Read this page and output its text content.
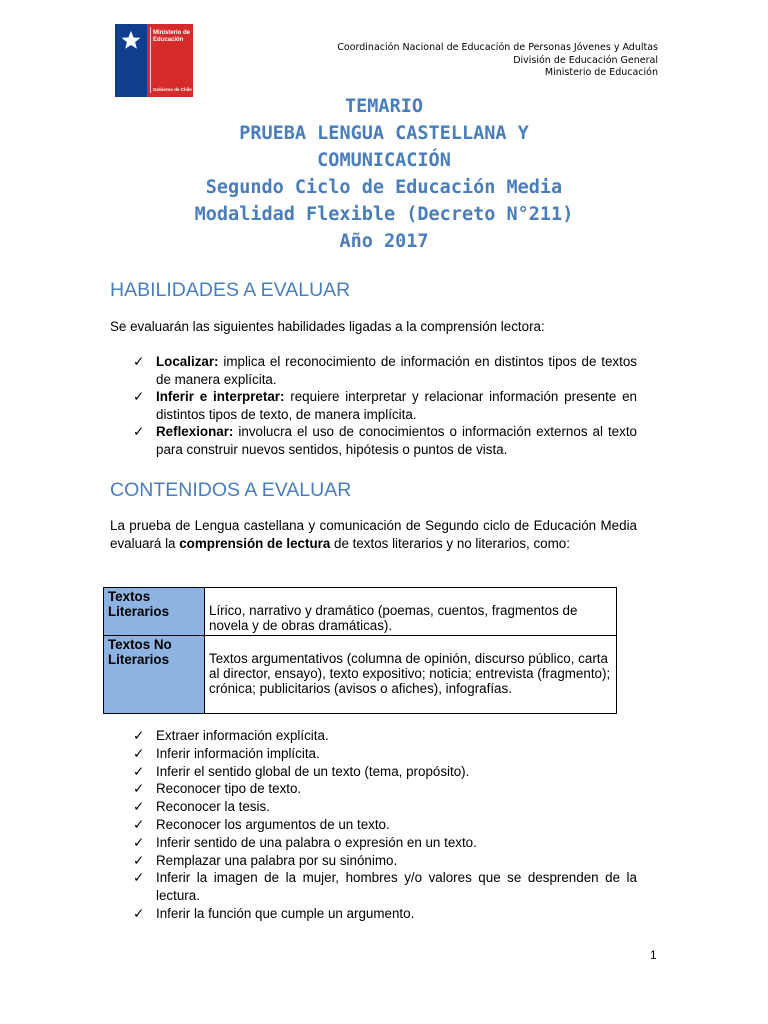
Ministerio de
Educación
Gobierno de Chile
Coordinación Nacional de Educación de Personas Jóvenes y Adultas
División de Educación General
Ministerio de Educación
TEMARIO
PRUEBA LENGUA CASTELLANA Y
COMUNICACIÓN
Segundo Ciclo de Educación Media
Modalidad Flexible (Decreto N°211)
Año 2017
HABILIDADES A EVALUAR

Se evaluarán las siguientes habilidades ligadas a la comprensión lectora:

✓ Localizar: implica el reconocimiento de información en distintos tipos de textos de manera explícita.
✓ Inferir e interpretar: requiere interpretar y relacionar información presente en distintos tipos de texto, de manera implícita.
✓ Reflexionar: involucra el uso de conocimientos o información externos al texto para construir nuevos sentidos, hipótesis o puntos de vista.
CONTENIDOS A EVALUAR

La prueba de Lengua castellana y comunicación de Segundo ciclo de Educación Media evaluará la comprensión de lectura de textos literarios y no literarios, como:

Textos Literarios	Lírico, narrativo y dramático (poemas, cuentos, fragmentos de novela y de obras dramáticas).
Textos No Literarios	Textos argumentativos (columna de opinión, discurso público, carta al director, ensayo), texto expositivo; noticia; entrevista (fragmento); crónica; publicitarios (avisos o afiches), infografías.
✓ Extraer información explícita.
✓ Inferir información implícita.
✓ Inferir el sentido global de un texto (tema, propósito).
✓ Reconocer tipo de texto.
✓ Reconocer la tesis.
✓ Reconocer los argumentos de un texto.
✓ Inferir sentido de una palabra o expresión en un texto.
✓ Remplazar una palabra por su sinónimo.
✓ Inferir la imagen de la mujer, hombres y/o valores que se desprenden de la lectura.
✓ Inferir la función que cumple un argumento.
1
